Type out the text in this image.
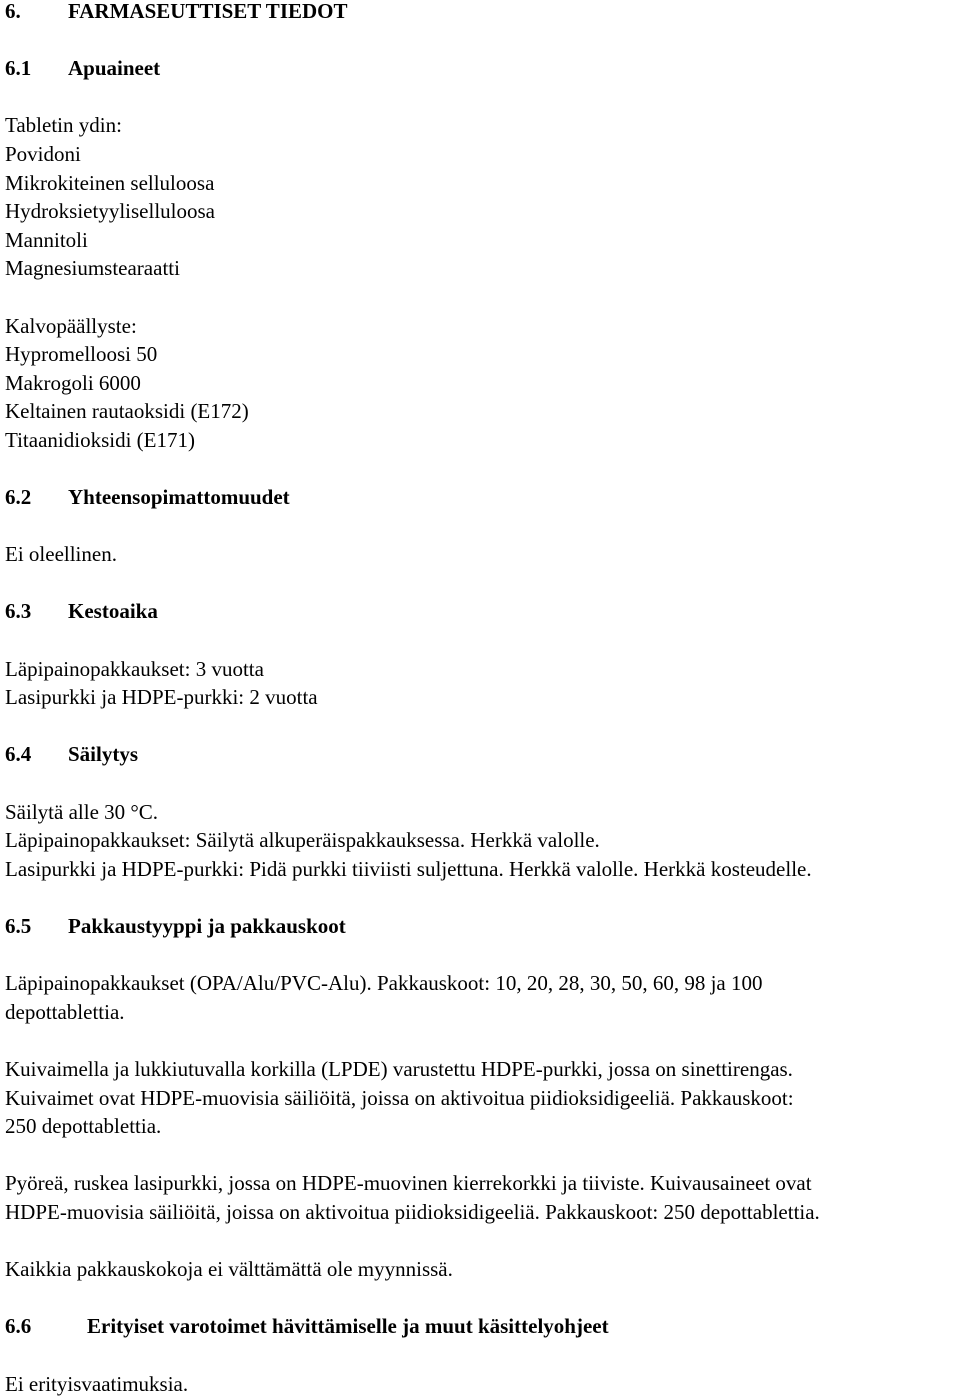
6. FARMASEUTTISET TIEDOT
6.1 Apuaineet
Tabletin ydin:
Povidoni
Mikrokiteinen selluloosa
Hydroksietyyliselluloosa
Mannitoli
Magnesiumstearaatti
Kalvopäällyste:
Hypromelloosi 50
Makrogoli 6000
Keltainen rautaoksidi (E172)
Titaanidioksidi (E171)
6.2 Yhteensopimattomuudet
Ei oleellinen.
6.3 Kestoaika
Läpipainopakkaukset: 3 vuotta
Lasipurkki ja HDPE-purkki: 2 vuotta
6.4 Säilytys
Säilytä alle 30 °C.
Läpipainopakkaukset: Säilytä alkuperäispakkauksessa. Herkkä valolle.
Lasipurkki ja HDPE-purkki: Pidä purkki tiiviisti suljettuna. Herkkä valolle. Herkkä kosteudelle.
6.5 Pakkaustyyppi ja pakkauskoot
Läpipainopakkaukset (OPA/Alu/PVC-Alu). Pakkauskoot: 10, 20, 28, 30, 50, 60, 98 ja 100
depottablettia.
Kuivaimella ja lukkiutuvalla korkilla (LPDE) varustettu HDPE-purkki, jossa on sinettirengas.
Kuivaimet ovat HDPE-muovisia säiliöitä, joissa on aktivoitua piidioksidigeeliä. Pakkauskoot:
250 depottablettia.
Pyöreä, ruskea lasipurkki, jossa on HDPE-muovinen kierrekorkki ja tiiviste. Kuivausaineet ovat
HDPE-muovisia säiliöitä, joissa on aktivoitua piidioksidigeeliä. Pakkauskoot: 250 depottablettia.
Kaikkia pakkauskokoja ei välttämättä ole myynnissä.
6.6	Erityiset varotoimet hävittämiselle ja muut käsittelyohjeet
Ei erityisvaatimuksia.
